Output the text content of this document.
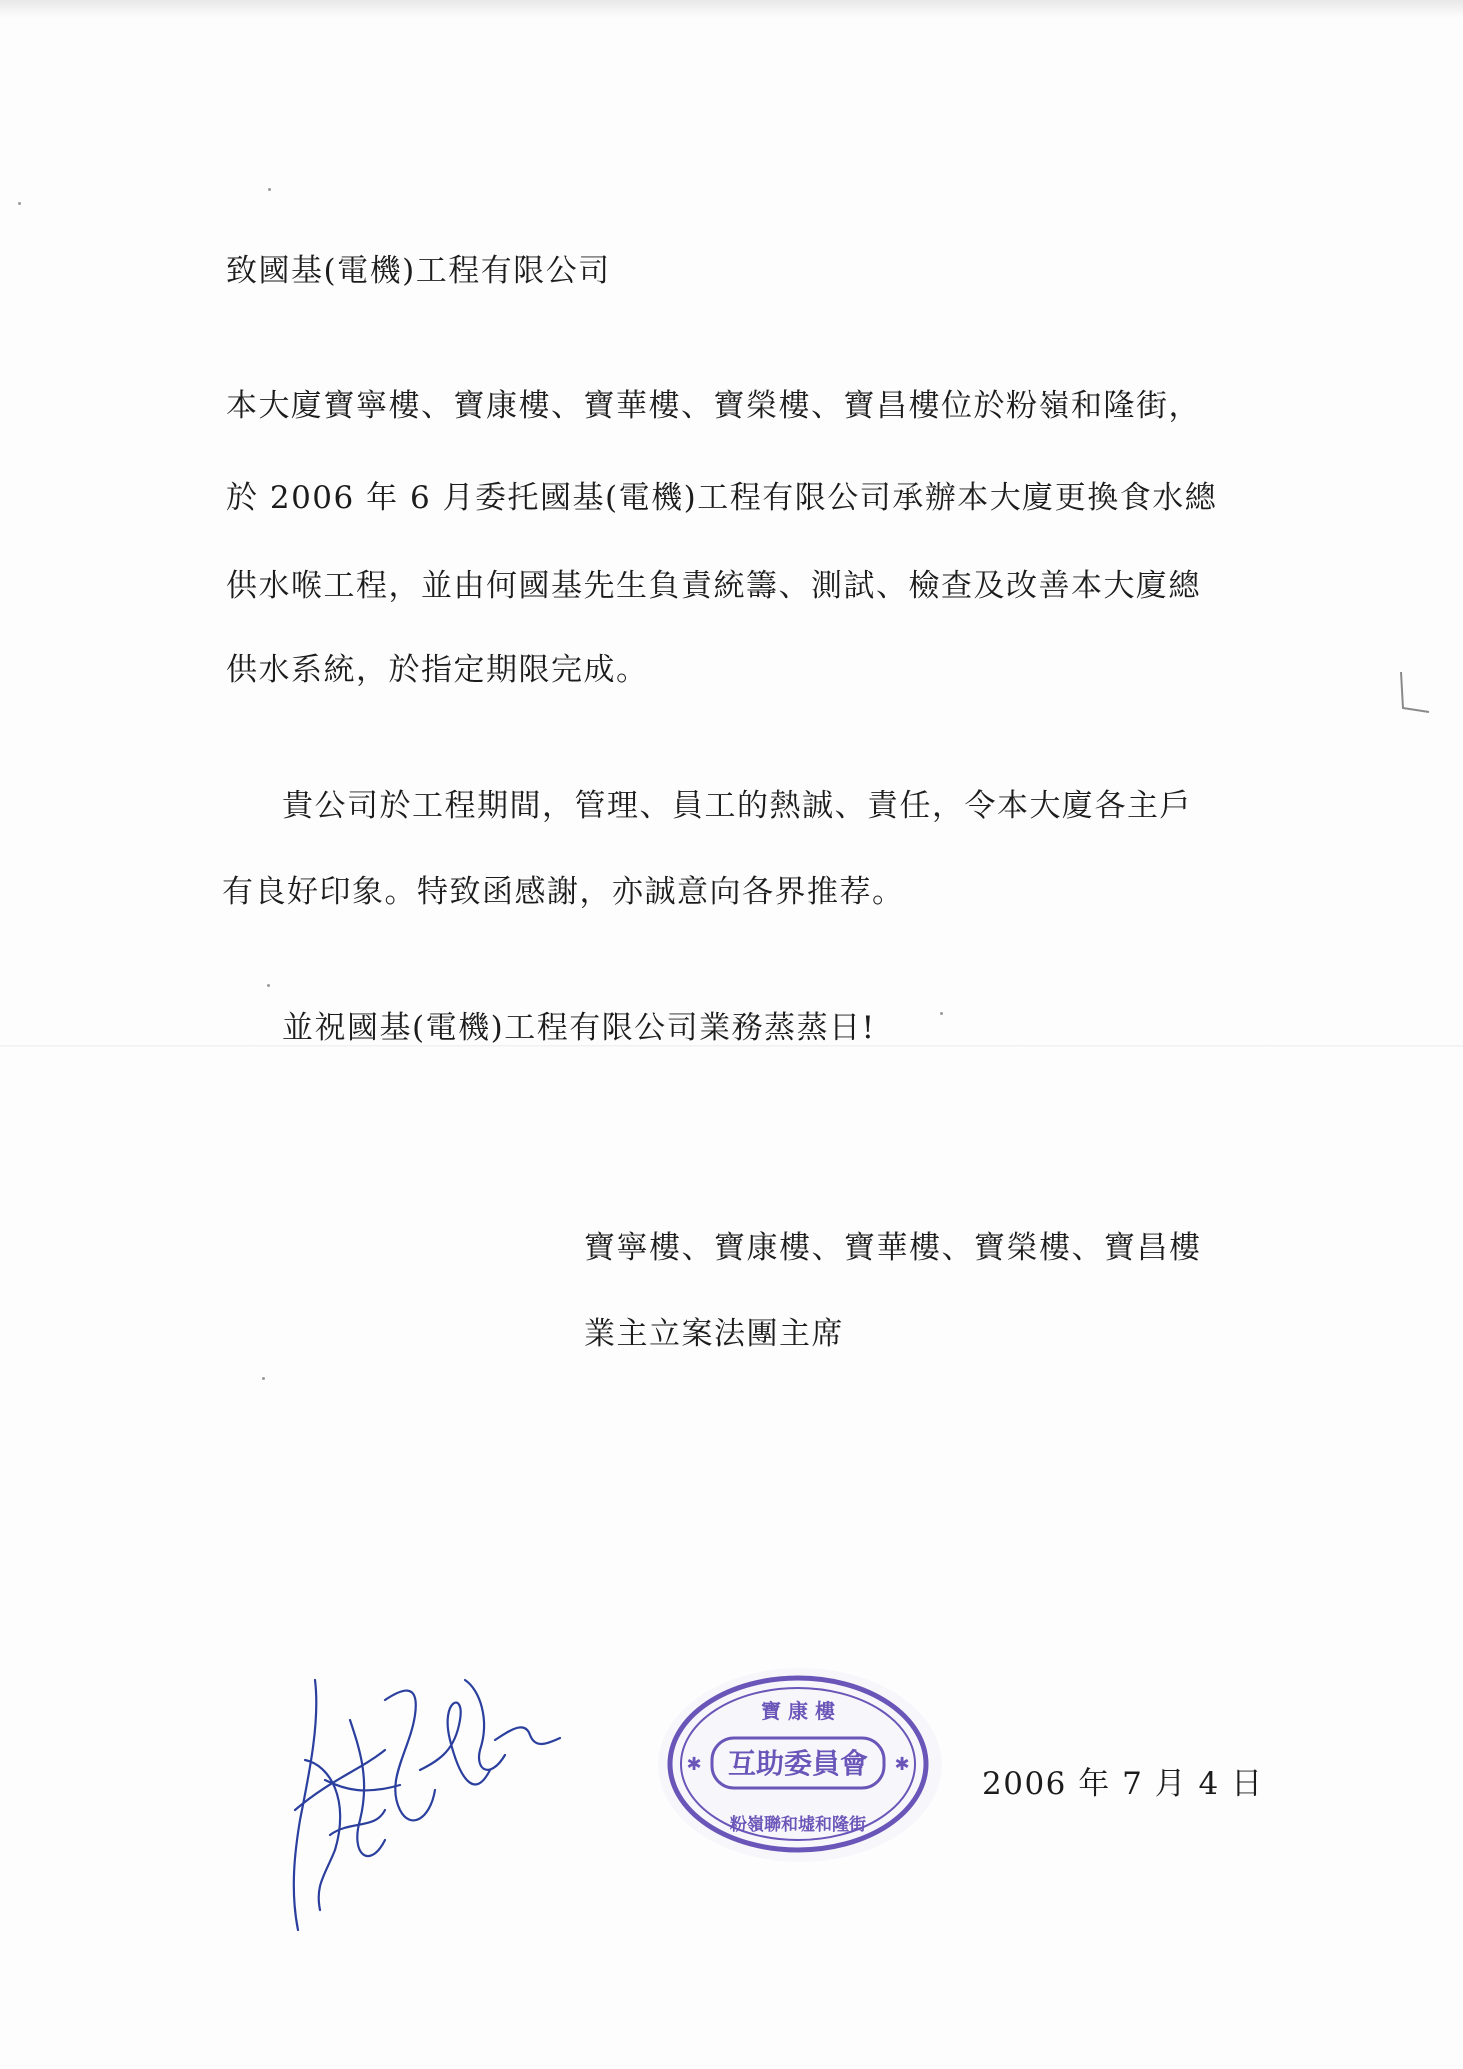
致國基(電機)工程有限公司
本大廈寶寧樓、寶康樓、寶華樓、寶榮樓、寶昌樓位於粉嶺和隆街，
於 2006 年 6 月委托國基(電機)工程有限公司承辦本大廈更換食水總
供水喉工程，並由何國基先生負責統籌、測試、檢查及改善本大廈總
供水系統，於指定期限完成。
貴公司於工程期間，管理、員工的熱誠、責任，令本大廈各主戶
有良好印象。特致函感謝，亦誠意向各界推荐。
並祝國基(電機)工程有限公司業務蒸蒸日!
寶寧樓、寶康樓、寶華樓、寶榮樓、寶昌樓
業主立案法團主席
寶 康 樓
互助委員會
粉嶺聯和墟和隆街
✱	✱
2006 年 7 月 4 日
